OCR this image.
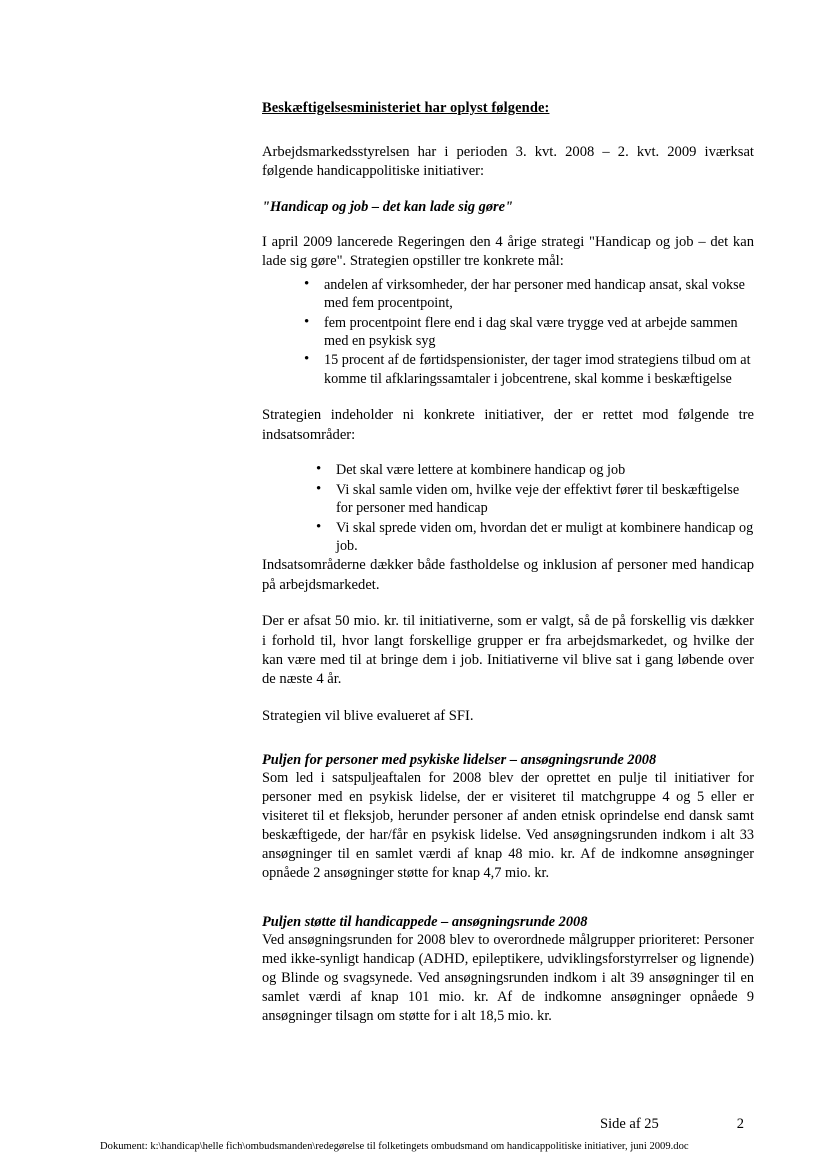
Beskæftigelsesministeriet har oplyst følgende:

Arbejdsmarkedsstyrelsen har i perioden 3. kvt. 2008 – 2. kvt. 2009 iværksat følgende handicappolitiske initiativer:

"Handicap og job – det kan lade sig gøre"

I april 2009 lancerede Regeringen den 4 årige strategi "Handicap og job – det kan lade sig gøre". Strategien opstiller tre konkrete mål:

• andelen af virksomheder, der har personer med handicap ansat, skal vokse med fem procentpoint,
• fem procentpoint flere end i dag skal være trygge ved at arbejde sammen med en psykisk syg
• 15 procent af de førtidspensionister, der tager imod strategiens tilbud om at komme til afklaringssamtaler i jobcentrene, skal komme i beskæftigelse

Strategien indeholder ni konkrete initiativer, der er rettet mod følgende tre indsatsområder:

• Det skal være lettere at kombinere handicap og job
• Vi skal samle viden om, hvilke veje der effektivt fører til beskæftigelse for personer med handicap
• Vi skal sprede viden om, hvordan det er muligt at kombinere handicap og job.

Indsatsområderne dækker både fastholdelse og inklusion af personer med handicap på arbejdsmarkedet.

Der er afsat 50 mio. kr. til initiativerne, som er valgt, så de på forskellig vis dækker i forhold til, hvor langt forskellige grupper er fra arbejdsmarkedet, og hvilke der kan være med til at bringe dem i job. Initiativerne vil blive sat i gang løbende over de næste 4 år.

Strategien vil blive evalueret af SFI.

Puljen for personer med psykiske lidelser – ansøgningsrunde 2008

Som led i satspuljeaftalen for 2008 blev der oprettet en pulje til initiativer for personer med en psykisk lidelse, der er visiteret til matchgruppe 4 og 5 eller er visiteret til et fleksjob, herunder personer af anden etnisk oprindelse end dansk samt beskæftigede, der har/får en psykisk lidelse. Ved ansøgningsrunden indkom i alt 33 ansøgninger til en samlet værdi af knap 48 mio. kr. Af de indkomne ansøgninger opnåede 2 ansøgninger støtte for knap 4,7 mio. kr.

Puljen støtte til handicappede – ansøgningsrunde 2008

Ved ansøgningsrunden for 2008 blev to overordnede målgrupper prioriteret: Personer med ikke-synligt handicap (ADHD, epileptikere, udviklingsforstyrrelser og lignende) og Blinde og svagsynede. Ved ansøgningsrunden indkom i alt 39 ansøgninger til en samlet værdi af knap 101 mio. kr. Af de indkomne ansøgninger opnåede 9 ansøgninger tilsagn om støtte for i alt 18,5 mio. kr.

Side af 25	2
Dokument: k:\handicap\helle fich\ombudsmanden\redegørelse til folketingets ombudsmand om handicappolitiske initiativer, juni 2009.doc
